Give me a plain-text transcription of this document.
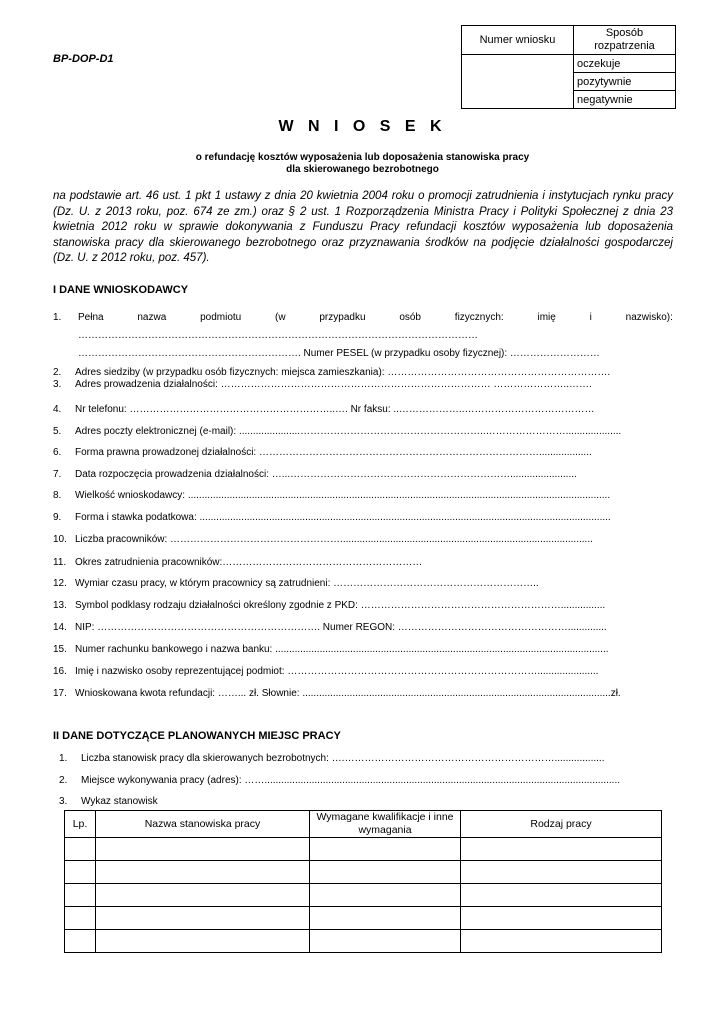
BP-DOP-D1
Numer wniosku	Sposób rozpatrzenia
	oczekuje
	pozytywnie
	negatywnie
W N I O S E K
o refundację kosztów wyposażenia lub doposażenia stanowiska pracy
dla skierowanego bezrobotnego
na podstawie art. 46 ust. 1 pkt 1 ustawy z dnia 20 kwietnia 2004 roku o promocji zatrudnienia i instytucjach rynku pracy (Dz. U. z 2013 roku, poz. 674 ze zm.) oraz § 2 ust. 1 Rozporządzenia Ministra Pracy i Polityki Społecznej z dnia 23 kwietnia 2012 roku w sprawie dokonywania z Funduszu Pracy refundacji kosztów wyposażenia lub doposażenia stanowiska pracy dla skierowanego bezrobotnego oraz przyznawania środków na podjęcie działalności gospodarczej (Dz. U. z 2012 roku, poz. 457).
I DANE WNIOSKODAWCY
1.	Pełna	nazwa	podmiotu	(w	przypadku	osób	fizycznych:	imię	i	nazwisko):
…………………………………………………………………………………………………………
…………………………………………………………. Numer PESEL (w przypadku osoby fizycznej): ………………………
2. Adres siedziby (w przypadku osób fizycznych: miejsca zamieszkania): ………………………………………………………….
3. Adres prowadzenia działalności: ……………………………………………………………………… …………………..…….
4. Nr telefonu: ……………………………………………………..…. Nr faksu: ..………………..…………………………………
5. Adres poczty elektronicznej (e-mail): ......................………………………………………………..……………………....................
6. Forma prawna prowadzonej działalności: …………………………………………………………………………...................
7. Data rozpoczęcia prowadzenia działalności: …...…………………………………………………………........................
8. Wielkość wnioskodawcy: ........................................................................................................................................................
9. Forma i stawka podatkowa: ....................................................................................................................................................
10. Liczba pracowników: ……………………………………………...........................................................................................
11. Okres zatrudnienia pracowników:……………………………………………………
12. Wymiar czasu pracy, w którym pracownicy są zatrudnieni: ……………………………………………………..
13. Symbol podklasy rodzaju działalności określony zgodnie z PKD: ……………………………………………………................
14. NIP: …………………………………………………………. Numer REGON: ……………………………………………..............
15. Numer rachunku bankowego i nazwa banku: ........................................................................................................................
16. Imię i nazwisko osoby reprezentującej podmiot: …………………………………………………………………......................
17. Wnioskowana kwota refundacji: ……... zł. Słownie: ...............................................................................................................zł.
II DANE DOTYCZĄCE PLANOWANYCH MIEJSC PRACY
1. Liczba stanowisk pracy dla skierowanych bezrobotnych: ….………………………………………………………..................
2. Miejsce wykonywania pracy (adres): ……................................................................................................................................
3. Wykaz stanowisk
Lp.	Nazwa stanowiska pracy	Wymagane kwalifikacje i inne wymagania	Rodzaj pracy
